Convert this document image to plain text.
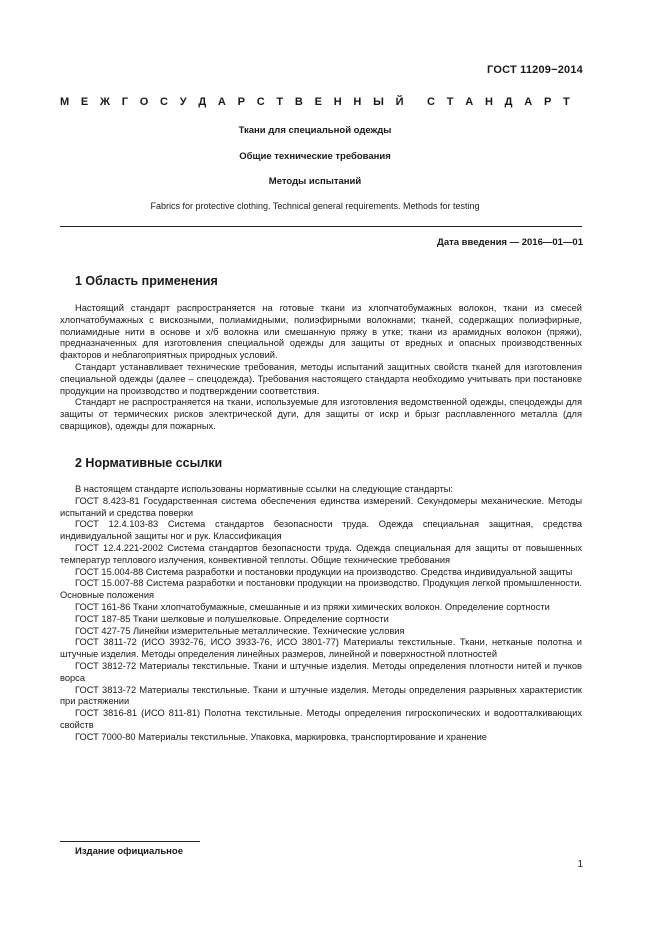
ГОСТ 11209−2014
М Е Ж Г О С У Д А Р С Т В Е Н Н Ы Й С Т А Н Д А Р Т
Ткани для специальной одежды
Общие технические требования
Методы испытаний
Fabrics for protective clothing. Technical general requirements. Methods for testing
Дата введения — 2016—01—01
1 Область применения

Настоящий стандарт распространяется на готовые ткани из хлопчатобумажных волокон, ткани из смесей хлопчатобумажных с вискозными, полиамидными, полиэфирными волокнами; тканей, содержащих полиэфирные, полиамидные нити в основе и х/б волокна или смешанную пряжу в утке; ткани из арамидных волокон (пряжи), предназначенных для изготовления специальной одежды для защиты от вредных и опасных производственных факторов и неблагоприятных природных условий.

Стандарт устанавливает технические требования, методы испытаний защитных свойств тканей для изготовления специальной одежды (далее – спецодежда). Требования настоящего стандарта необходимо учитывать при постановке продукции на производство и подтверждении соответствия.

Стандарт не распространяется на ткани, используемые для изготовления ведомственной одежды, спецодежды для защиты от термических рисков электрической дуги, для защиты от искр и брызг расплавленного металла (для сварщиков), одежды для пожарных.

2 Нормативные ссылки

В настоящем стандарте использованы нормативные ссылки на следующие стандарты:

ГОСТ 8.423-81 Государственная система обеспечения единства измерений. Секундомеры механические. Методы испытаний и средства поверки

ГОСТ 12.4.103-83 Система стандартов безопасности труда. Одежда специальная защитная, средства индивидуальной защиты ног и рук. Классификация

ГОСТ 12.4.221-2002 Система стандартов безопасности труда. Одежда специальная для защиты от повышенных температур теплового излучения, конвективной теплоты. Общие технические требования

ГОСТ 15.004-88 Система разработки и постановки продукции на производство. Средства индивидуальной защиты

ГОСТ 15.007-88 Система разработки и постановки продукции на производство. Продукция легкой промышленности. Основные положения

ГОСТ 161-86 Ткани хлопчатобумажные, смешанные и из пряжи химических волокон. Определение сортности

ГОСТ 187-85 Ткани шелковые и полушелковые. Определение сортности

ГОСТ 427-75 Линейки измерительные металлические. Технические условия

ГОСТ 3811-72 (ИСО 3932-76, ИСО 3933-76, ИСО 3801-77) Материалы текстильные. Ткани, нетканые полотна и штучные изделия. Методы определения линейных размеров, линейной и поверхностной плотностей

ГОСТ 3812-72 Материалы текстильные. Ткани и штучные изделия. Методы определения плотности нитей и пучков ворса

ГОСТ 3813-72 Материалы текстильные. Ткани и штучные изделия. Методы определения разрывных характеристик при растяжении

ГОСТ 3816-81 (ИСО 811-81) Полотна текстильные. Методы определения гигроскопических и водоотталкивающих свойств

ГОСТ 7000-80 Материалы текстильные. Упаковка, маркировка, транспортирование и хранение

Издание официальное
1
